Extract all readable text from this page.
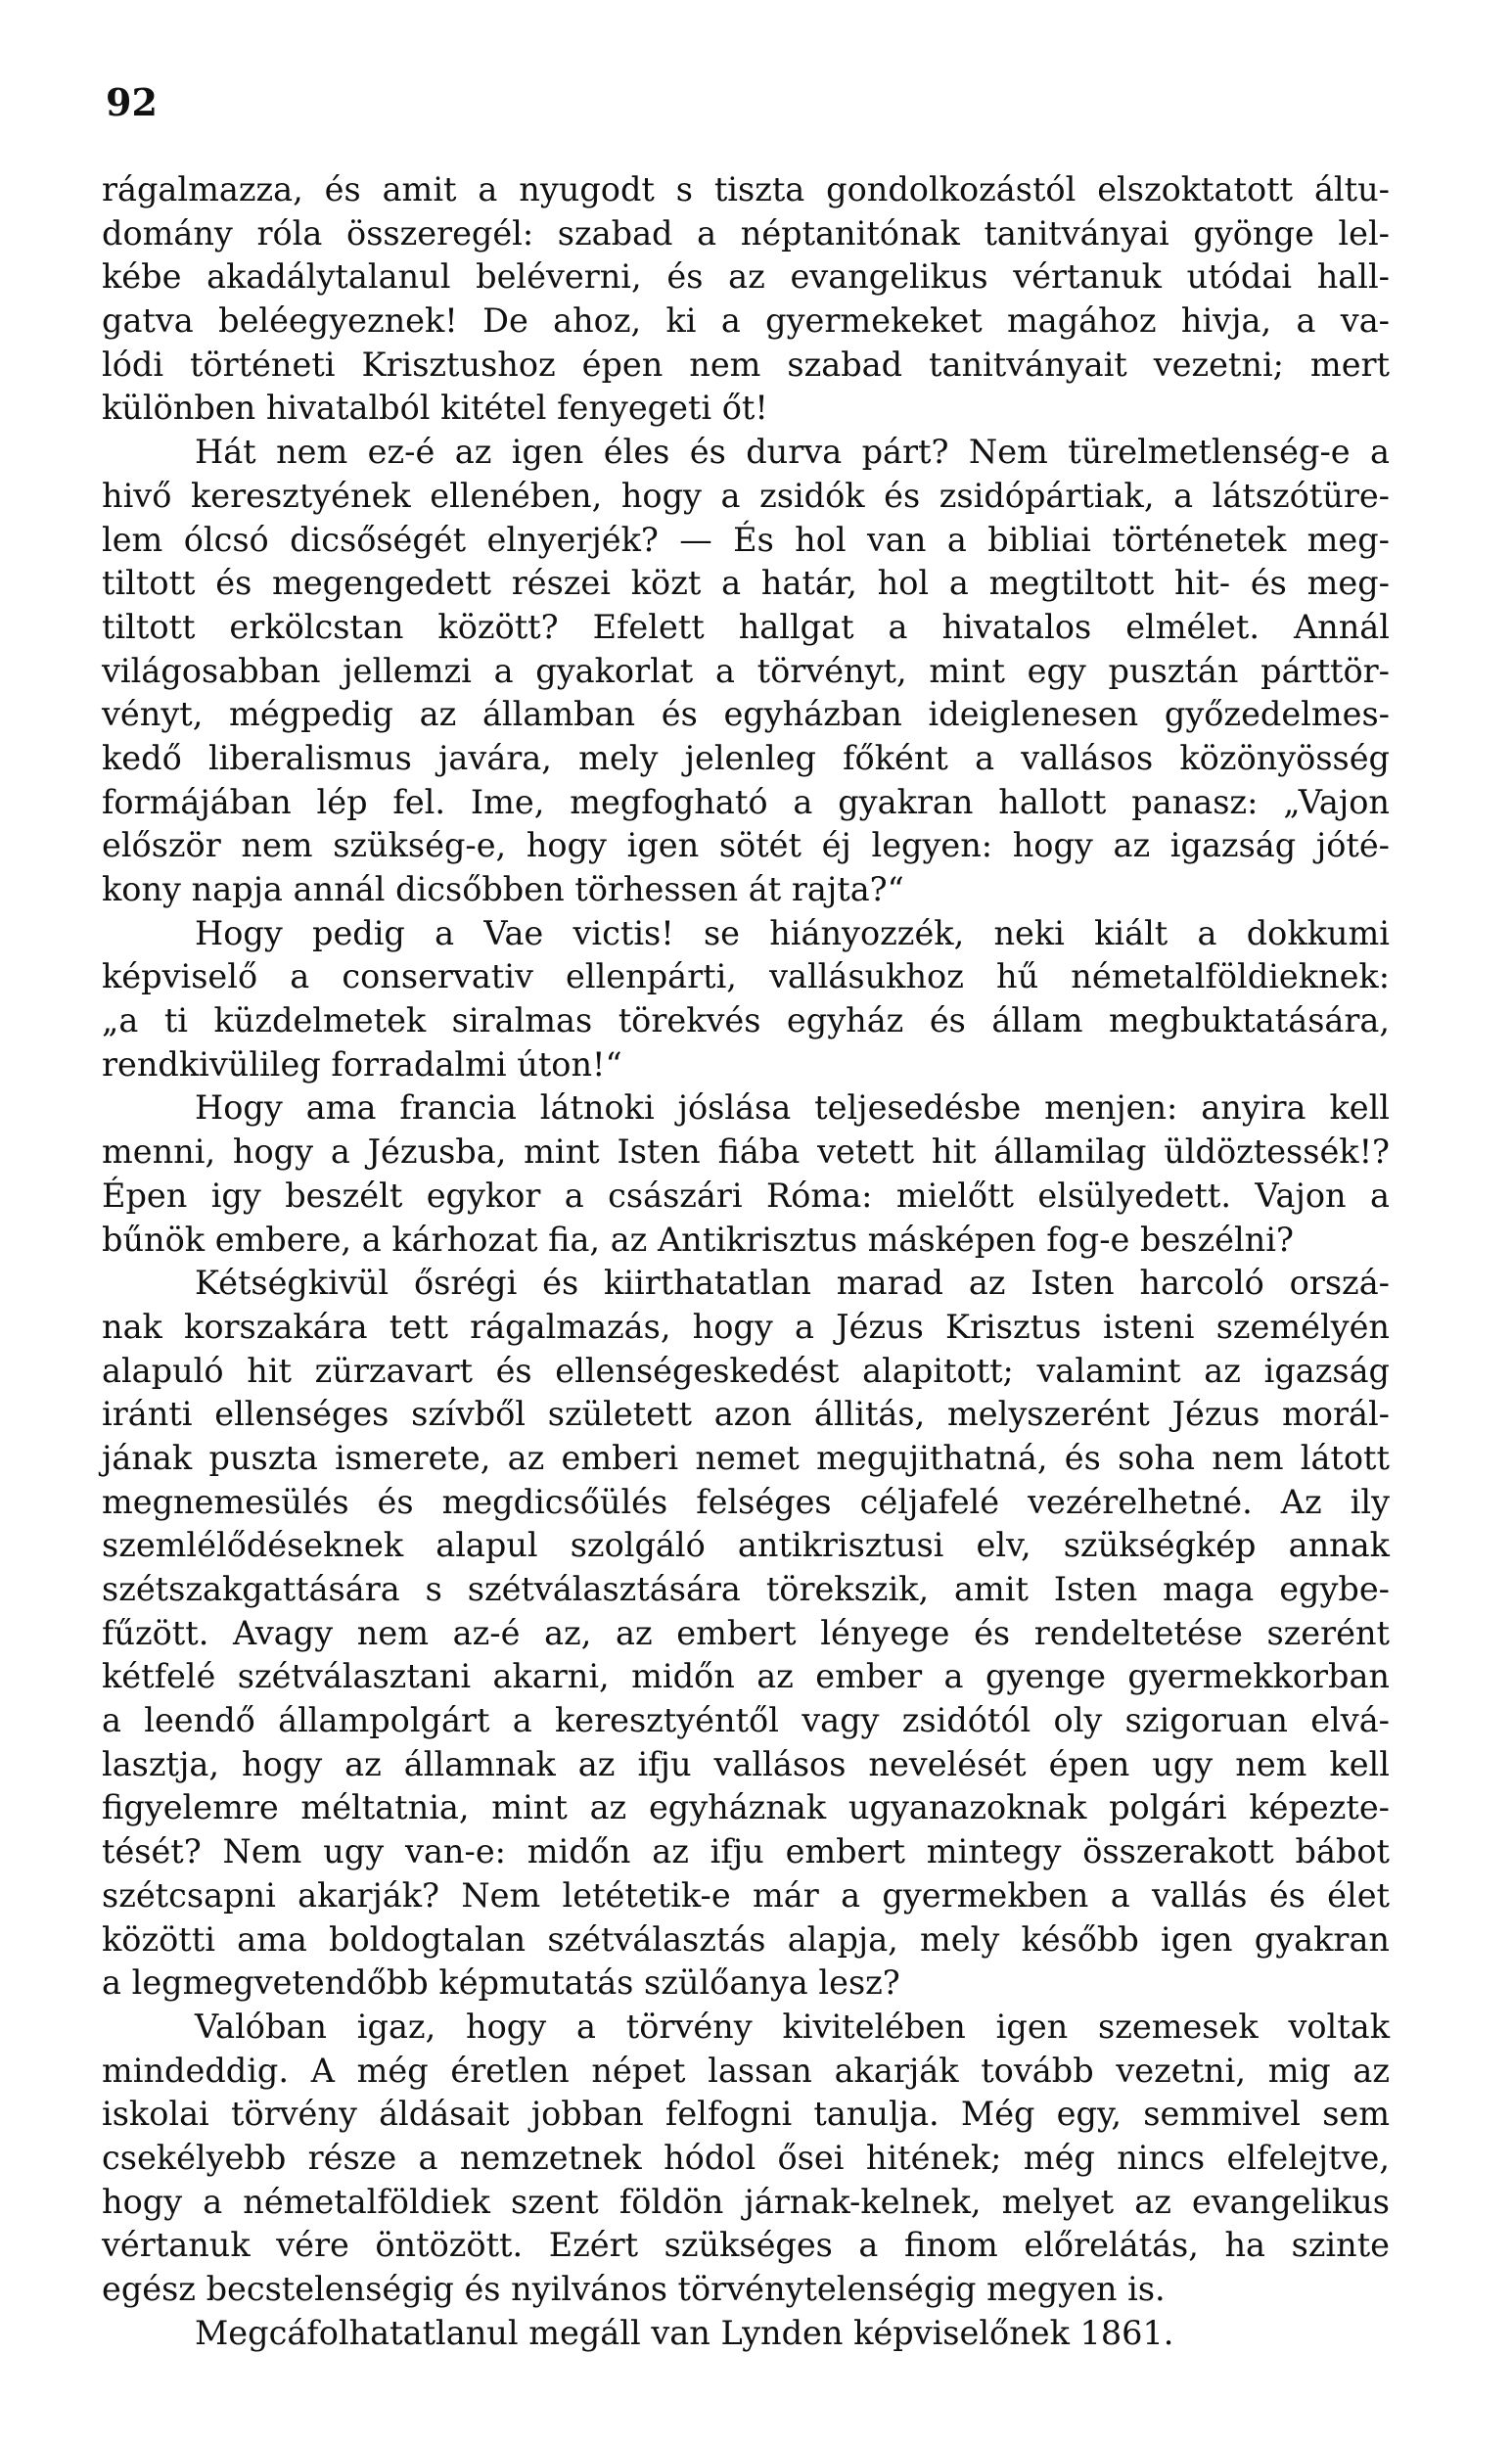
92
rágalmazza, és amit a nyugodt s tiszta gondolkozástól elszoktatott áltu-
domány róla összeregél: szabad a néptanitónak tanitványai gyönge lel-
kébe akadálytalanul beléverni, és az evangelikus vértanuk utódai hall-
gatva beléegyeznek! De ahoz, ki a gyermekeket magához hivja, a va-
lódi történeti Krisztushoz épen nem szabad tanitványait vezetni; mert
különben hivatalból kitétel fenyegeti őt!
Hát nem ez-é az igen éles és durva párt? Nem türelmetlenség-e a
hivő keresztyének ellenében, hogy a zsidók és zsidópártiak, a látszótüre-
lem ólcsó dicsőségét elnyerjék? — És hol van a bibliai történetek meg-
tiltott és megengedett részei közt a határ, hol a megtiltott hit- és meg-
tiltott erkölcstan között? Efelett hallgat a hivatalos elmélet. Annál
világosabban jellemzi a gyakorlat a törvényt, mint egy pusztán párttör-
vényt, mégpedig az államban és egyházban ideiglenesen győzedelmes-
kedő liberalismus javára, mely jelenleg főként a vallásos közönyösség
formájában lép fel. Ime, megfogható a gyakran hallott panasz: „Vajon
először nem szükség-e, hogy igen sötét éj legyen: hogy az igazság jóté-
kony napja annál dicsőbben törhessen át rajta?“
Hogy pedig a Vae victis! se hiányozzék, neki kiált a dokkumi
képviselő a conservativ ellenpárti, vallásukhoz hű németalföldieknek:
„a ti küzdelmetek siralmas törekvés egyház és állam megbuktatására,
rendkivülileg forradalmi úton!“
Hogy ama francia látnoki jóslása teljesedésbe menjen: anyira kell
menni, hogy a Jézusba, mint Isten fiába vetett hit államilag üldöztessék!?
Épen igy beszélt egykor a császári Róma: mielőtt elsülyedett. Vajon a
bűnök embere, a kárhozat fia, az Antikrisztus másképen fog-e beszélni?
Kétségkivül ősrégi és kiirthatatlan marad az Isten harcoló orszá-
nak korszakára tett rágalmazás, hogy a Jézus Krisztus isteni személyén
alapuló hit zürzavart és ellenségeskedést alapitott; valamint az igazság
iránti ellenséges szívből született azon állitás, melyszerént Jézus morál-
jának puszta ismerete, az emberi nemet megujithatná, és soha nem látott
megnemesülés és megdicsőülés felséges céljafelé vezérelhetné. Az ily
szemlélődéseknek alapul szolgáló antikrisztusi elv, szükségkép annak
szétszakgattására s szétválasztására törekszik, amit Isten maga egybe-
fűzött. Avagy nem az-é az, az embert lényege és rendeltetése szerént
kétfelé szétválasztani akarni, midőn az ember a gyenge gyermekkorban
a leendő állampolgárt a keresztyéntől vagy zsidótól oly szigoruan elvá-
lasztja, hogy az államnak az ifju vallásos nevelését épen ugy nem kell
figyelemre méltatnia, mint az egyháznak ugyanazoknak polgári képezte-
tését? Nem ugy van-e: midőn az ifju embert mintegy összerakott bábot
szétcsapni akarják? Nem letétetik-e már a gyermekben a vallás és élet
közötti ama boldogtalan szétválasztás alapja, mely később igen gyakran
a legmegvetendőbb képmutatás szülőanya lesz?
Valóban igaz, hogy a törvény kivitelében igen szemesek voltak
mindeddig. A még éretlen népet lassan akarják tovább vezetni, mig az
iskolai törvény áldásait jobban felfogni tanulja. Még egy, semmivel sem
csekélyebb része a nemzetnek hódol ősei hitének; még nincs elfelejtve,
hogy a németalföldiek szent földön járnak-kelnek, melyet az evangelikus
vértanuk vére öntözött. Ezért szükséges a finom előrelátás, ha szinte
egész becstelenségig és nyilvános törvénytelenségig megyen is.
Megcáfolhatatlanul megáll van Lynden képviselőnek 1861.
